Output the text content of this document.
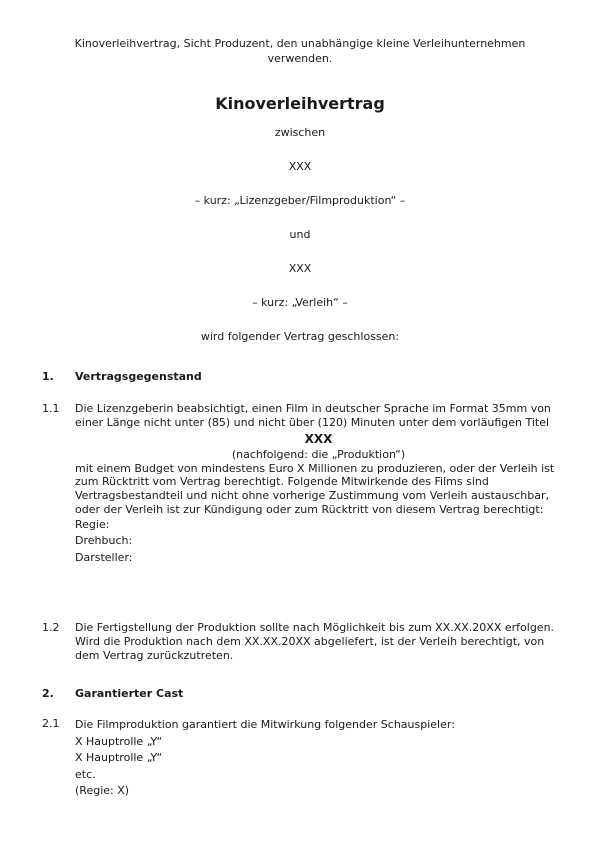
Kinoverleihvertrag, Sicht Produzent, den unabhängige kleine Verleihunternehmen verwenden.
Kinoverleihvertrag
zwischen
XXX
– kurz: „Lizenzgeber/Filmproduktion“ –
und
XXX
– kurz: „Verleih“ –
wird folgender Vertrag geschlossen:
1. Vertragsgegenstand
1.1 Die Lizenzgeberin beabsichtigt, einen Film in deutscher Sprache im Format 35mm von einer Länge nicht unter (85) und nicht über (120) Minuten unter dem vorläufigen Titel
XXX
(nachfolgend: die „Produktion“)
mit einem Budget von mindestens Euro X Millionen zu produzieren, oder der Verleih ist zum Rücktritt vom Vertrag berechtigt. Folgende Mitwirkende des Films sind Vertragsbestandteil und nicht ohne vorherige Zustimmung vom Verleih austauschbar, oder der Verleih ist zur Kündigung oder zum Rücktritt von diesem Vertrag berechtigt:
Regie:
Drehbuch:
Darsteller:
1.2 Die Fertigstellung der Produktion sollte nach Möglichkeit bis zum XX.XX.20XX erfolgen. Wird die Produktion nach dem XX.XX.20XX abgeliefert, ist der Verleih berechtigt, von dem Vertrag zurückzutreten.
2. Garantierter Cast
2.1 Die Filmproduktion garantiert die Mitwirkung folgender Schauspieler:
X Hauptrolle „Y“
X Hauptrolle „Y“
etc.
(Regie: X)
